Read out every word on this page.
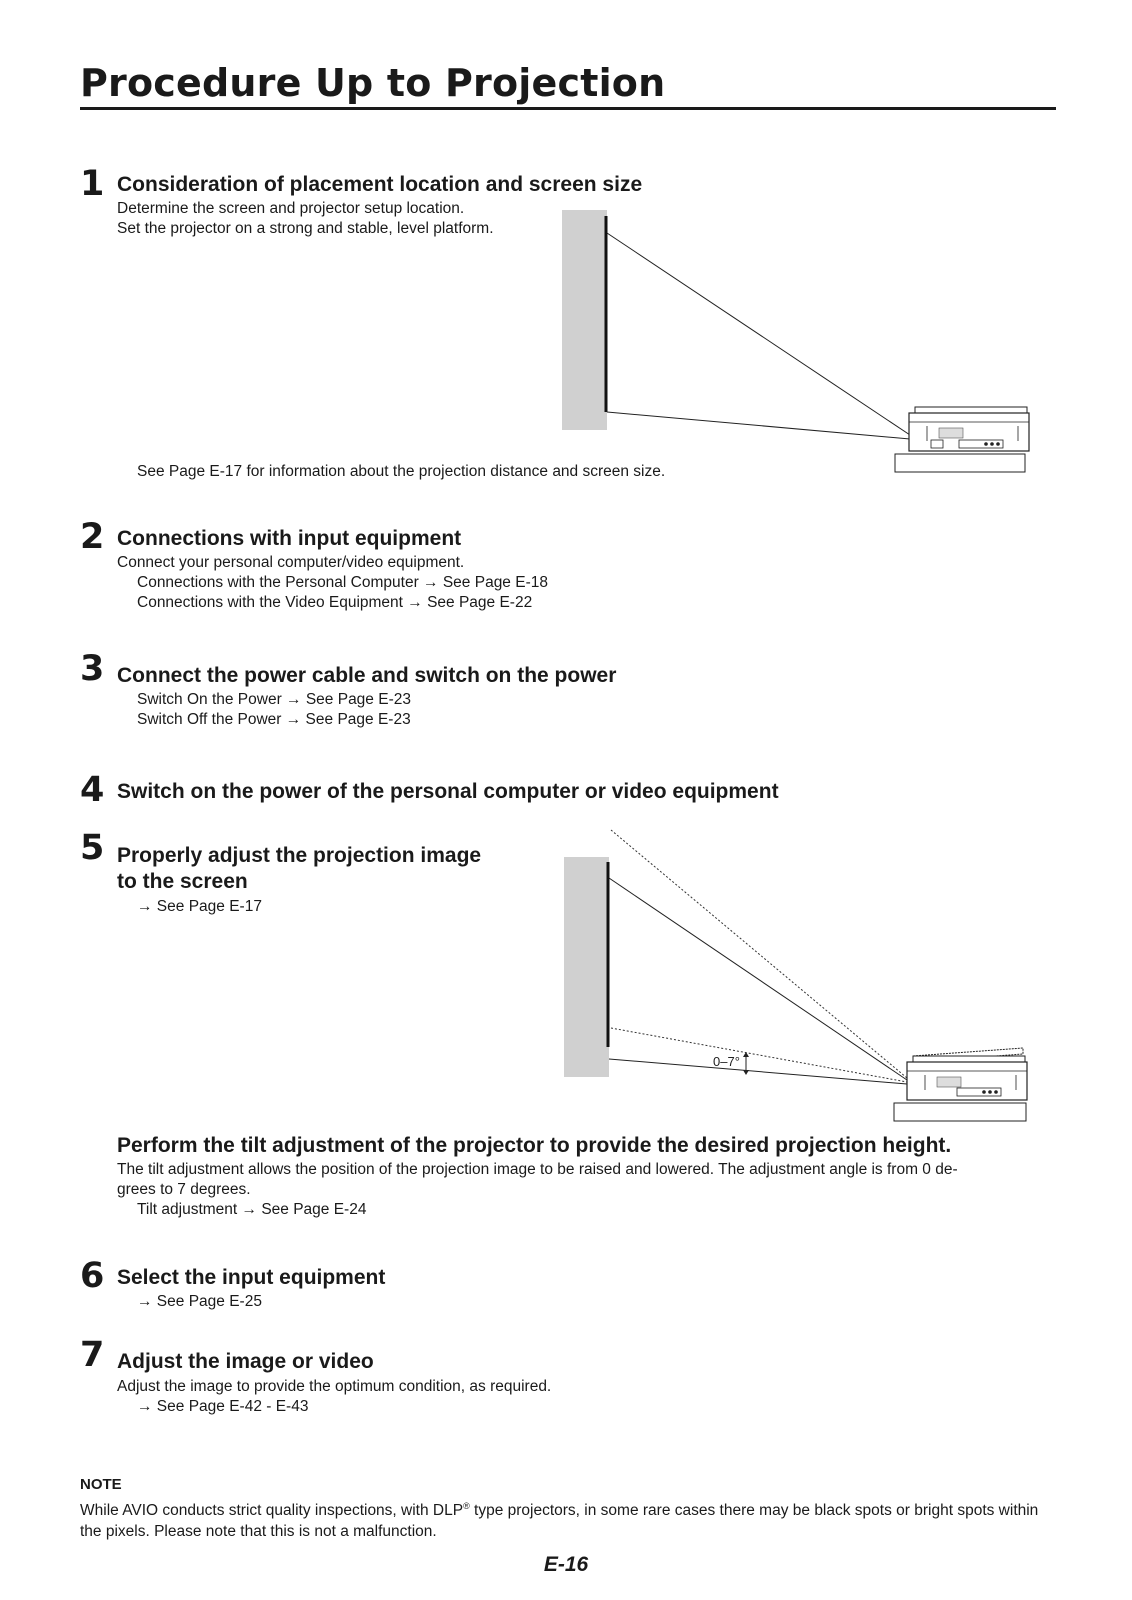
Procedure Up to Projection
1 Consideration of placement location and screen size
Determine the screen and projector setup location.
Set the projector on a strong and stable, level platform.
See Page E-17 for information about the projection distance and screen size.
2 Connections with input equipment
Connect your personal computer/video equipment.
Connections with the Personal Computer → See Page E-18
Connections with the Video Equipment → See Page E-22
3 Connect the power cable and switch on the power
Switch On the Power → See Page E-23
Switch Off the Power → See Page E-23
4 Switch on the power of the personal computer or video equipment
5 Properly adjust the projection image
to the screen
→ See Page E-17
0–7°
Perform the tilt adjustment of the projector to provide the desired projection height.
The tilt adjustment allows the position of the projection image to be raised and lowered. The adjustment angle is from 0 de-
grees to 7 degrees.
Tilt adjustment → See Page E-24
6 Select the input equipment
→ See Page E-25
7 Adjust the image or video
Adjust the image to provide the optimum condition, as required.
→ See Page E-42 - E-43
NOTE
While AVIO conducts strict quality inspections, with DLP® type projectors, in some rare cases there may be black spots or bright spots within the pixels. Please note that this is not a malfunction.
E-16
